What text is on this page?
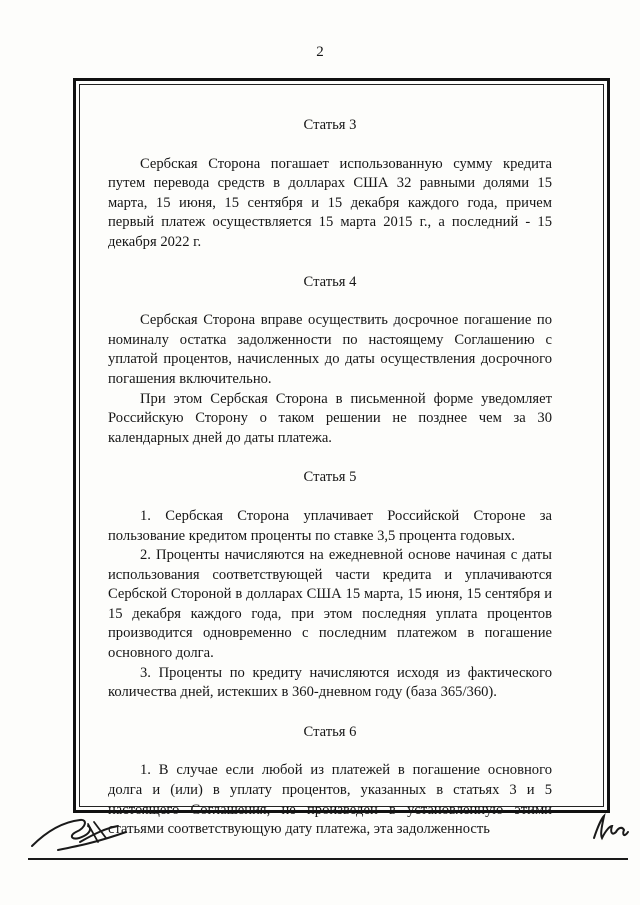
2

Статья 3

Сербская Сторона погашает использованную сумму кредита путем перевода средств в долларах США 32 равными долями 15 марта, 15 июня, 15 сентября и 15 декабря каждого года, причем первый платеж осуществляется 15 марта 2015 г., а последний - 15 декабря 2022 г.

Статья 4

Сербская Сторона вправе осуществить досрочное погашение по номиналу остатка задолженности по настоящему Соглашению с уплатой процентов, начисленных до даты осуществления досрочного погашения включительно.

При этом Сербская Сторона в письменной форме уведомляет Российскую Сторону о таком решении не позднее чем за 30 календарных дней до даты платежа.

Статья 5

1. Сербская Сторона уплачивает Российской Стороне за пользование кредитом проценты по ставке 3,5 процента годовых.

2. Проценты начисляются на ежедневной основе начиная с даты использования соответствующей части кредита и уплачиваются Сербской Стороной в долларах США 15 марта, 15 июня, 15 сентября и 15 декабря каждого года, при этом последняя уплата процентов производится одновременно с последним платежом в погашение основного долга.

3. Проценты по кредиту начисляются исходя из фактического количества дней, истекших в 360-дневном году (база 365/360).

Статья 6

1. В случае если любой из платежей в погашение основного долга и (или) в уплату процентов, указанных в статьях 3 и 5 настоящего Соглашения, не произведен в установленную этими статьями соответствующую дату платежа, эта задолженность
